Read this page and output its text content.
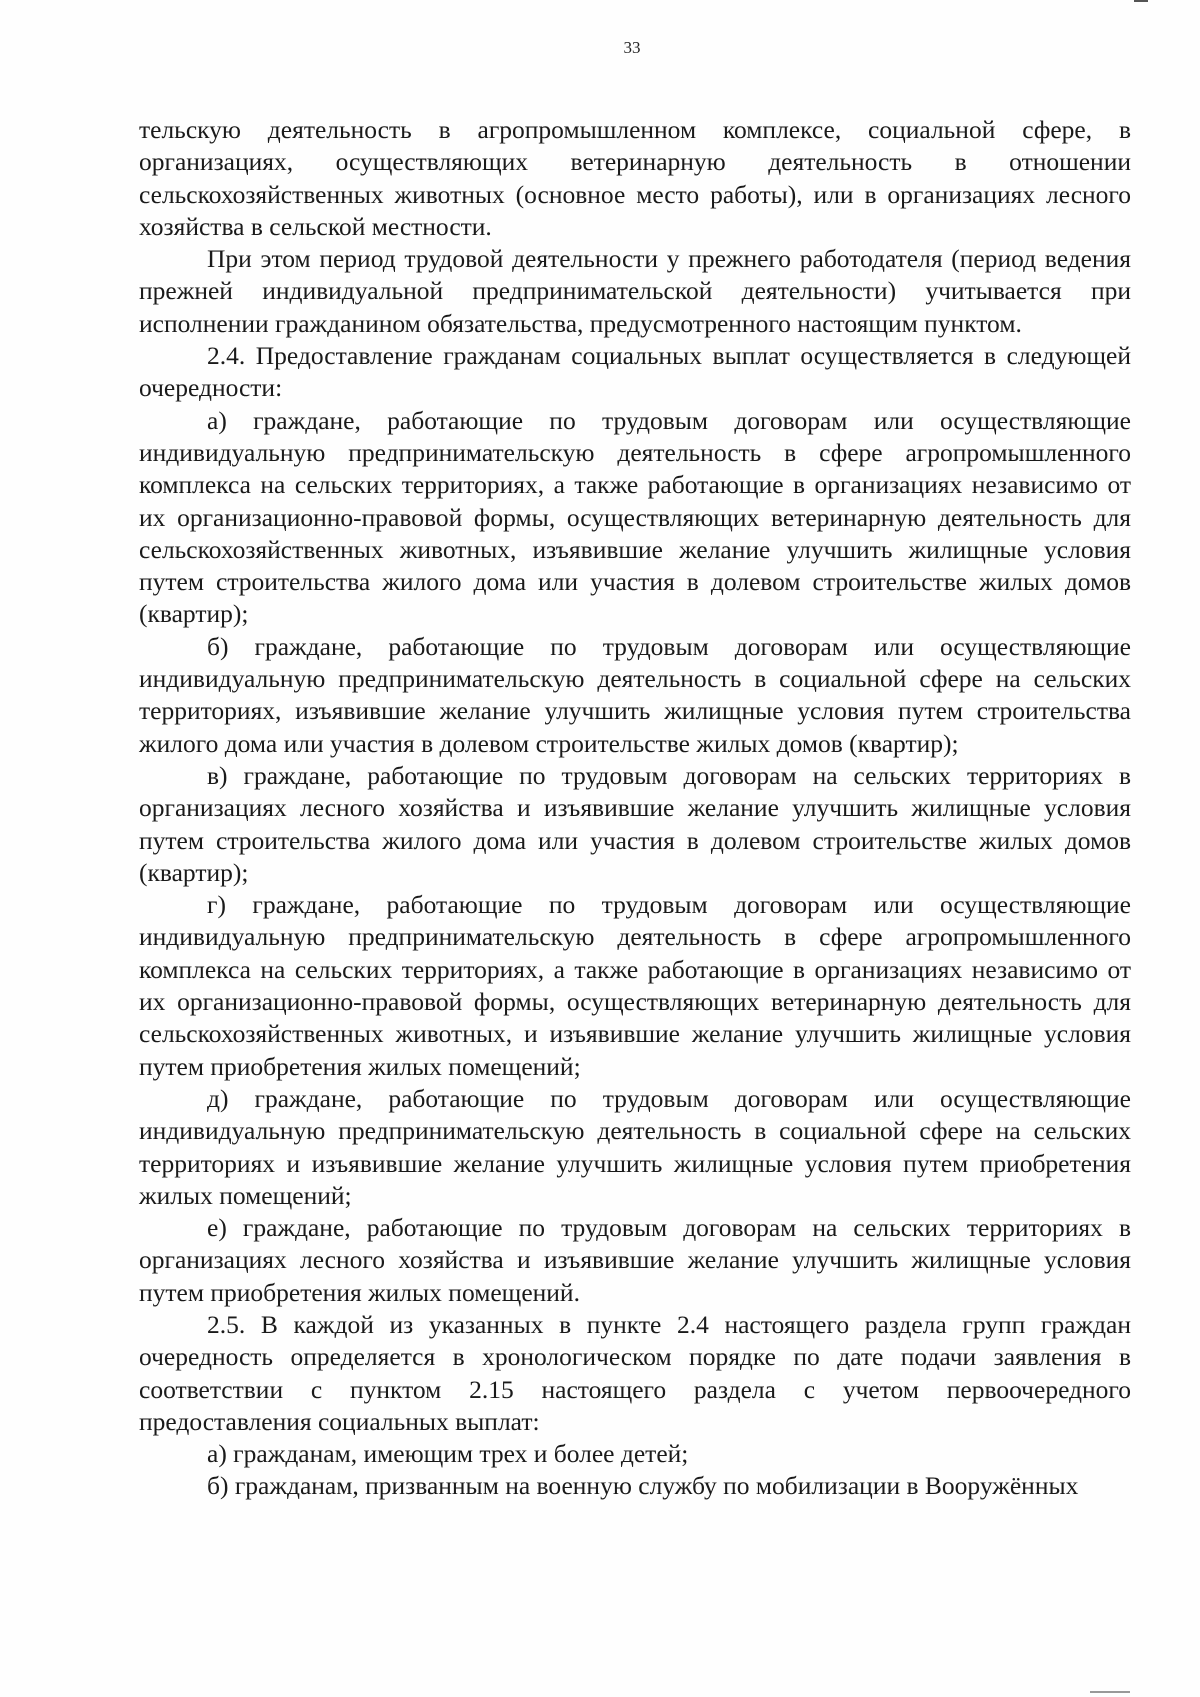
33

тельскую деятельность в агропромышленном комплексе, социальной сфере, в организациях, осуществляющих ветеринарную деятельность в отношении сельскохозяйственных животных (основное место работы), или в организациях лесного хозяйства в сельской местности.

При этом период трудовой деятельности у прежнего работодателя (период ведения прежней индивидуальной предпринимательской деятельности) учитывается при исполнении гражданином обязательства, предусмотренного настоящим пунктом.

2.4. Предоставление гражданам социальных выплат осуществляется в следующей очередности:

а) граждане, работающие по трудовым договорам или осуществляющие индивидуальную предпринимательскую деятельность в сфере агропромышленного комплекса на сельских территориях, а также работающие в организациях независимо от их организационно-правовой формы, осуществляющих ветеринарную деятельность для сельскохозяйственных животных, изъявившие желание улучшить жилищные условия путем строительства жилого дома или участия в долевом строительстве жилых домов (квартир);

б) граждане, работающие по трудовым договорам или осуществляющие индивидуальную предпринимательскую деятельность в социальной сфере на сельских территориях, изъявившие желание улучшить жилищные условия путем строительства жилого дома или участия в долевом строительстве жилых домов (квартир);

в) граждане, работающие по трудовым договорам на сельских территориях в организациях лесного хозяйства и изъявившие желание улучшить жилищные условия путем строительства жилого дома или участия в долевом строительстве жилых домов (квартир);

г) граждане, работающие по трудовым договорам или осуществляющие индивидуальную предпринимательскую деятельность в сфере агропромышленного комплекса на сельских территориях, а также работающие в организациях независимо от их организационно-правовой формы, осуществляющих ветеринарную деятельность для сельскохозяйственных животных, и изъявившие желание улучшить жилищные условия путем приобретения жилых помещений;

д) граждане, работающие по трудовым договорам или осуществляющие индивидуальную предпринимательскую деятельность в социальной сфере на сельских территориях и изъявившие желание улучшить жилищные условия путем приобретения жилых помещений;

е) граждане, работающие по трудовым договорам на сельских территориях в организациях лесного хозяйства и изъявившие желание улучшить жилищные условия путем приобретения жилых помещений.

2.5. В каждой из указанных в пункте 2.4 настоящего раздела групп граждан очередность определяется в хронологическом порядке по дате подачи заявления в соответствии с пунктом 2.15 настоящего раздела с учетом первоочередного предоставления социальных выплат:

а) гражданам, имеющим трех и более детей;

б) гражданам, призванным на военную службу по мобилизации в Вооружённых
